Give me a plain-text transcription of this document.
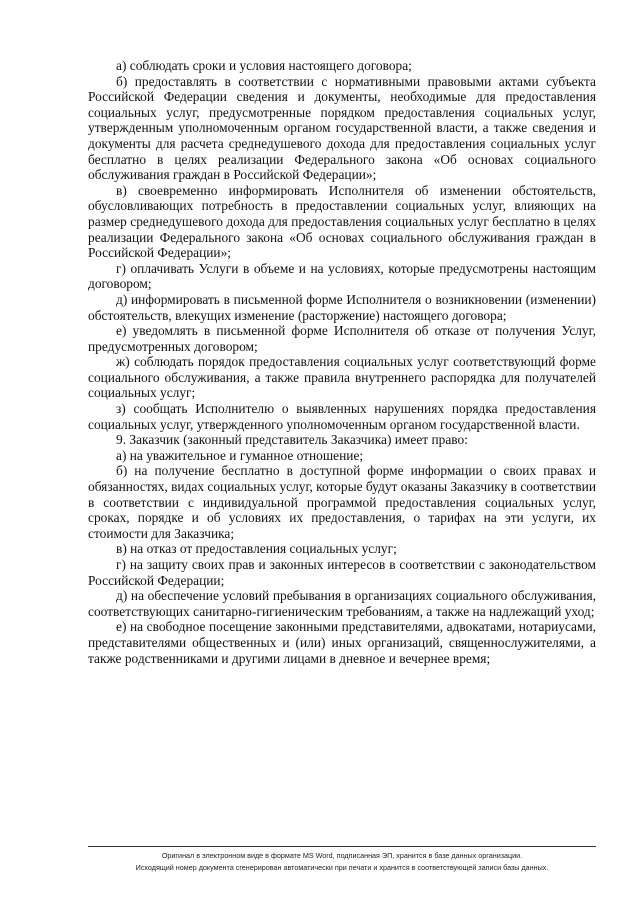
а) соблюдать сроки и условия настоящего договора;

б) предоставлять в соответствии с нормативными правовыми актами субъекта Российской Федерации сведения и документы, необходимые для предоставления социальных услуг, предусмотренные порядком предоставления социальных услуг, утвержденным уполномоченным органом государственной власти, а также сведения и документы для расчета среднедушевого дохода для предоставления социальных услуг бесплатно в целях реализации Федерального закона «Об основах социального обслуживания граждан в Российской Федерации»;

в) своевременно информировать Исполнителя об изменении обстоятельств, обусловливающих потребность в предоставлении социальных услуг, влияющих на размер среднедушевого дохода для предоставления социальных услуг бесплатно в целях реализации Федерального закона «Об основах социального обслуживания граждан в Российской Федерации»;

г) оплачивать Услуги в объеме и на условиях, которые предусмотрены настоящим договором;

д) информировать в письменной форме Исполнителя о возникновении (изменении) обстоятельств, влекущих изменение (расторжение) настоящего договора;

е) уведомлять в письменной форме Исполнителя об отказе от получения Услуг, предусмотренных договором;

ж) соблюдать порядок предоставления социальных услуг соответствующий форме социального обслуживания, а также правила внутреннего распорядка для получателей социальных услуг;

з) сообщать Исполнителю о выявленных нарушениях порядка предоставления социальных услуг, утвержденного уполномоченным органом государственной власти.

9. Заказчик (законный представитель Заказчика) имеет право:

а) на уважительное и гуманное отношение;

б) на получение бесплатно в доступной форме информации о своих правах и обязанностях, видах социальных услуг, которые будут оказаны Заказчику в соответствии в соответствии с индивидуальной программой предоставления социальных услуг, сроках, порядке и об условиях их предоставления, о тарифах на эти услуги, их стоимости для Заказчика;

в) на отказ от предоставления социальных услуг;

г) на защиту своих прав и законных интересов в соответствии с законодательством Российской Федерации;

д) на обеспечение условий пребывания в организациях социального обслуживания, соответствующих санитарно-гигиеническим требованиям, а также на надлежащий уход;

е) на свободное посещение законными представителями, адвокатами, нотариусами, представителями общественных и (или) иных организаций, священнослужителями, а также родственниками и другими лицами в дневное и вечернее время;

Оригинал в электронном виде в формате MS Word, подписанная ЭП, хранится в базе данных организации.

Исходящий номер документа сгенерирован автоматически при печати и хранится в соответствующей записи базы данных.
